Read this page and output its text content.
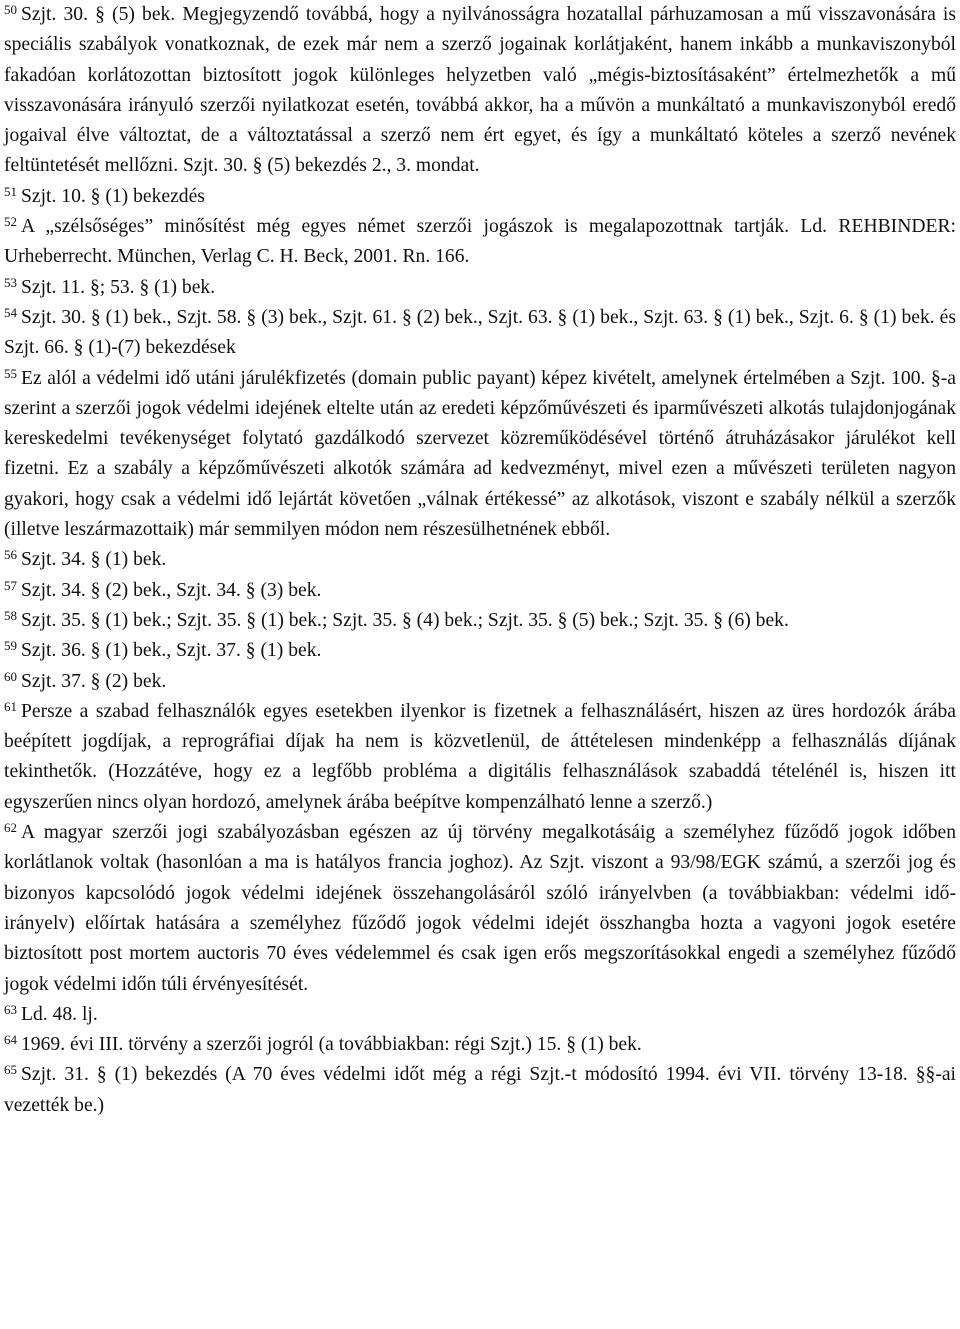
$^{50}$ Szjt. 30. § (5) bek. Megjegyzendő továbbá, hogy a nyilvánosságra hozatallal párhuzamosan a mű visszavonására is speciális szabályok vonatkoznak, de ezek már nem a szerző jogainak korlátjaként, hanem inkább a munkaviszonyból fakadóan korlátozottan biztosított jogok különleges helyzetben való „mégis-biztosításaként” értelmezhetők a mű visszavonására irányuló szerzői nyilatkozat esetén, továbbá akkor, ha a művön a munkáltató a munkaviszonyból eredő jogaival élve változtat, de a változtatással a szerző nem ért egyet, és így a munkáltató köteles a szerző nevének feltüntetését mellőzni. Szjt. 30. § (5) bekezdés 2., 3. mondat.

$^{51}$ Szjt. 10. § (1) bekezdés

$^{52}$ A „szélsőséges” minősítést még egyes német szerzői jogászok is megalapozottnak tartják. Ld. REHBINDER: Urheberrecht. München, Verlag C. H. Beck, 2001. Rn. 166.

$^{53}$ Szjt. 11. §; 53. § (1) bek.

$^{54}$ Szjt. 30. § (1) bek., Szjt. 58. § (3) bek., Szjt. 61. § (2) bek., Szjt. 63. § (1) bek., Szjt. 63. § (1) bek., Szjt. 6. § (1) bek. és Szjt. 66. § (1)-(7) bekezdések

$^{55}$ Ez alól a védelmi idő utáni járulékfizetés (domain public payant) képez kivételt, amelynek értelmében a Szjt. 100. §-a szerint a szerzői jogok védelmi idejének eltelte után az eredeti képzőművészeti és iparművészeti alkotás tulajdonjogának kereskedelmi tevékenységet folytató gazdálkodó szervezet közreműködésével történő átruházásakor járulékot kell fizetni. Ez a szabály a képzőművészeti alkotók számára ad kedvezményt, mivel ezen a művészeti területen nagyon gyakori, hogy csak a védelmi idő lejártát követően „válnak értékessé” az alkotások, viszont e szabály nélkül a szerzők (illetve leszármazottaik) már semmilyen módon nem részesülhetnének ebből.

$^{56}$ Szjt. 34. § (1) bek.

$^{57}$ Szjt. 34. § (2) bek., Szjt. 34. § (3) bek.

$^{58}$ Szjt. 35. § (1) bek.; Szjt. 35. § (1) bek.; Szjt. 35. § (4) bek.; Szjt. 35. § (5) bek.; Szjt. 35. § (6) bek.

$^{59}$ Szjt. 36. § (1) bek., Szjt. 37. § (1) bek.

$^{60}$ Szjt. 37. § (2) bek.

$^{61}$ Persze a szabad felhasználók egyes esetekben ilyenkor is fizetnek a felhasználásért, hiszen az üres hordozók árába beépített jogdíjak, a reprográfiai díjak ha nem is közvetlenül, de áttételesen mindenképp a felhasználás díjának tekinthetők. (Hozzátéve, hogy ez a legfőbb probléma a digitális felhasználások szabaddá tételénél is, hiszen itt egyszerűen nincs olyan hordozó, amelynek árába beépítve kompenzálható lenne a szerző.)

$^{62}$ A magyar szerzői jogi szabályozásban egészen az új törvény megalkotásáig a személyhez fűződő jogok időben korlátlanok voltak (hasonlóan a ma is hatályos francia joghoz). Az Szjt. viszont a 93/98/EGK számú, a szerzői jog és bizonyos kapcsolódó jogok védelmi idejének összehangolásáról szóló irányelvben (a továbbiakban: védelmi idő-irányelv) előírtak hatására a személyhez fűződő jogok védelmi idejét összhangba hozta a vagyoni jogok esetére biztosított post mortem auctoris 70 éves védelemmel és csak igen erős megszorításokkal engedi a személyhez fűződő jogok védelmi időn túli érvényesítését.

$^{63}$ Ld. 48. lj.

$^{64}$ 1969. évi III. törvény a szerzői jogról (a továbbiakban: régi Szjt.) 15. § (1) bek.

$^{65}$ Szjt. 31. § (1) bekezdés (A 70 éves védelmi időt még a régi Szjt.-t módosító 1994. évi VII. törvény 13-18. §§-ai vezették be.)
